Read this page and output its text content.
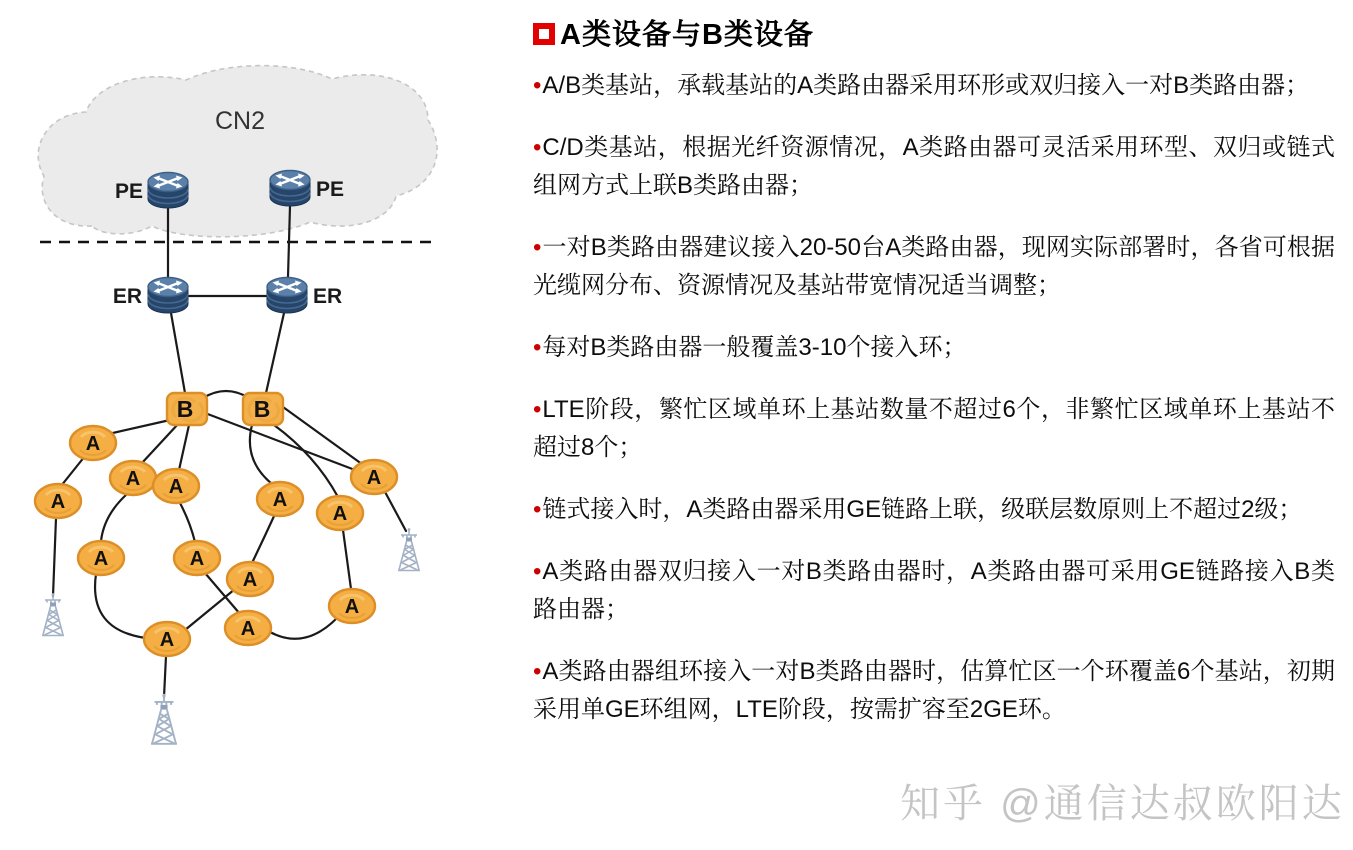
CN2
PE	PE
ER	ER
B	B
A
A A
A	A
A
A
A	A
A
A
A
A
A类设备与B类设备

•A/B类基站，承载基站的A类路由器采用环形或双归接入一对B类路由器；

•C/D类基站，根据光纤资源情况，A类路由器可灵活采用环型、双归或链式组网方式上联B类路由器；

•一对B类路由器建议接入20-50台A类路由器，现网实际部署时，各省可根据光缆网分布、资源情况及基站带宽情况适当调整；

•每对B类路由器一般覆盖3-10个接入环；

•LTE阶段，繁忙区域单环上基站数量不超过6个，非繁忙区域单环上基站不超过8个；

•链式接入时，A类路由器采用GE链路上联，级联层数原则上不超过2级；

•A类路由器双归接入一对B类路由器时，A类路由器可采用GE链路接入B类路由器；

•A类路由器组环接入一对B类路由器时，估算忙区一个环覆盖6个基站，初期采用单GE环组网，LTE阶段，按需扩容至2GE环。

知乎 @通信达叔欧阳达
